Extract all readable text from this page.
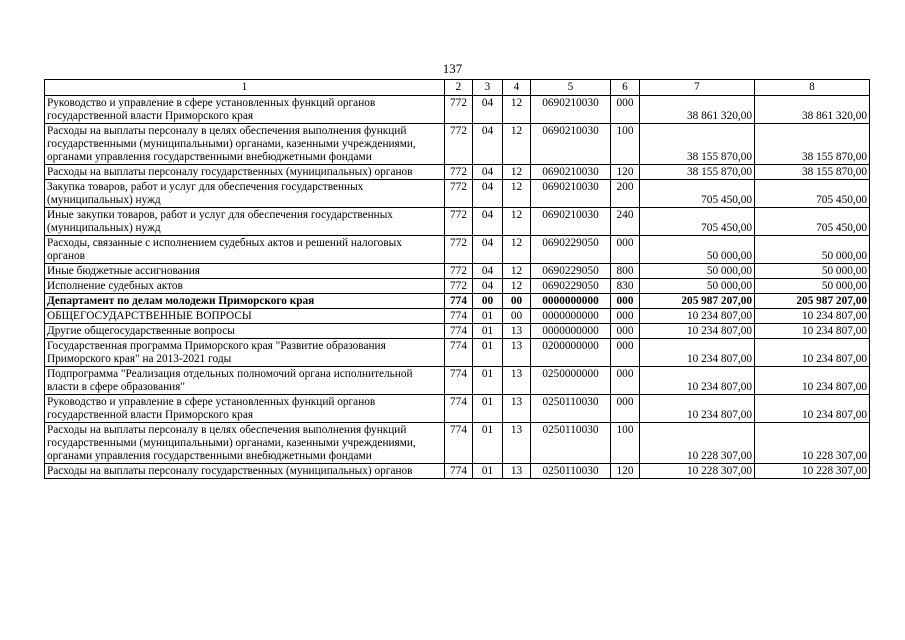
137
1	2	3	4	5	6	7	8
Руководство и управление в сфере установленных функций органов государственной власти Приморского края	772	04	12	0690210030	000	38 861 320,00	38 861 320,00
Расходы на выплаты персоналу в целях обеспечения выполнения функций государственными (муниципальными) органами, казенными учреждениями, органами управления государственными внебюджетными фондами	772	04	12	0690210030	100	38 155 870,00	38 155 870,00
Расходы на выплаты персоналу государственных (муниципальных) органов	772	04	12	0690210030	120	38 155 870,00	38 155 870,00
Закупка товаров, работ и услуг для обеспечения государственных (муниципальных) нужд	772	04	12	0690210030	200	705 450,00	705 450,00
Иные закупки товаров, работ и услуг для обеспечения государственных (муниципальных) нужд	772	04	12	0690210030	240	705 450,00	705 450,00
Расходы, связанные с исполнением судебных актов и решений налоговых органов	772	04	12	0690229050	000	50 000,00	50 000,00
Иные бюджетные ассигнования	772	04	12	0690229050	800	50 000,00	50 000,00
Исполнение судебных актов	772	04	12	0690229050	830	50 000,00	50 000,00
Департамент по делам молодежи Приморского края	774	00	00	0000000000	000	205 987 207,00	205 987 207,00
ОБЩЕГОСУДАРСТВЕННЫЕ ВОПРОСЫ	774	01	00	0000000000	000	10 234 807,00	10 234 807,00
Другие общегосударственные вопросы	774	01	13	0000000000	000	10 234 807,00	10 234 807,00
Государственная программа Приморского края "Развитие образования Приморского края" на 2013-2021 годы	774	01	13	0200000000	000	10 234 807,00	10 234 807,00
Подпрограмма "Реализация отдельных полномочий органа исполнительной власти в сфере образования"	774	01	13	0250000000	000	10 234 807,00	10 234 807,00
Руководство и управление в сфере установленных функций органов государственной власти Приморского края	774	01	13	0250110030	000	10 234 807,00	10 234 807,00
Расходы на выплаты персоналу в целях обеспечения выполнения функций государственными (муниципальными) органами, казенными учреждениями, органами управления государственными внебюджетными фондами	774	01	13	0250110030	100	10 228 307,00	10 228 307,00
Расходы на выплаты персоналу государственных (муниципальных) органов	774	01	13	0250110030	120	10 228 307,00	10 228 307,00
